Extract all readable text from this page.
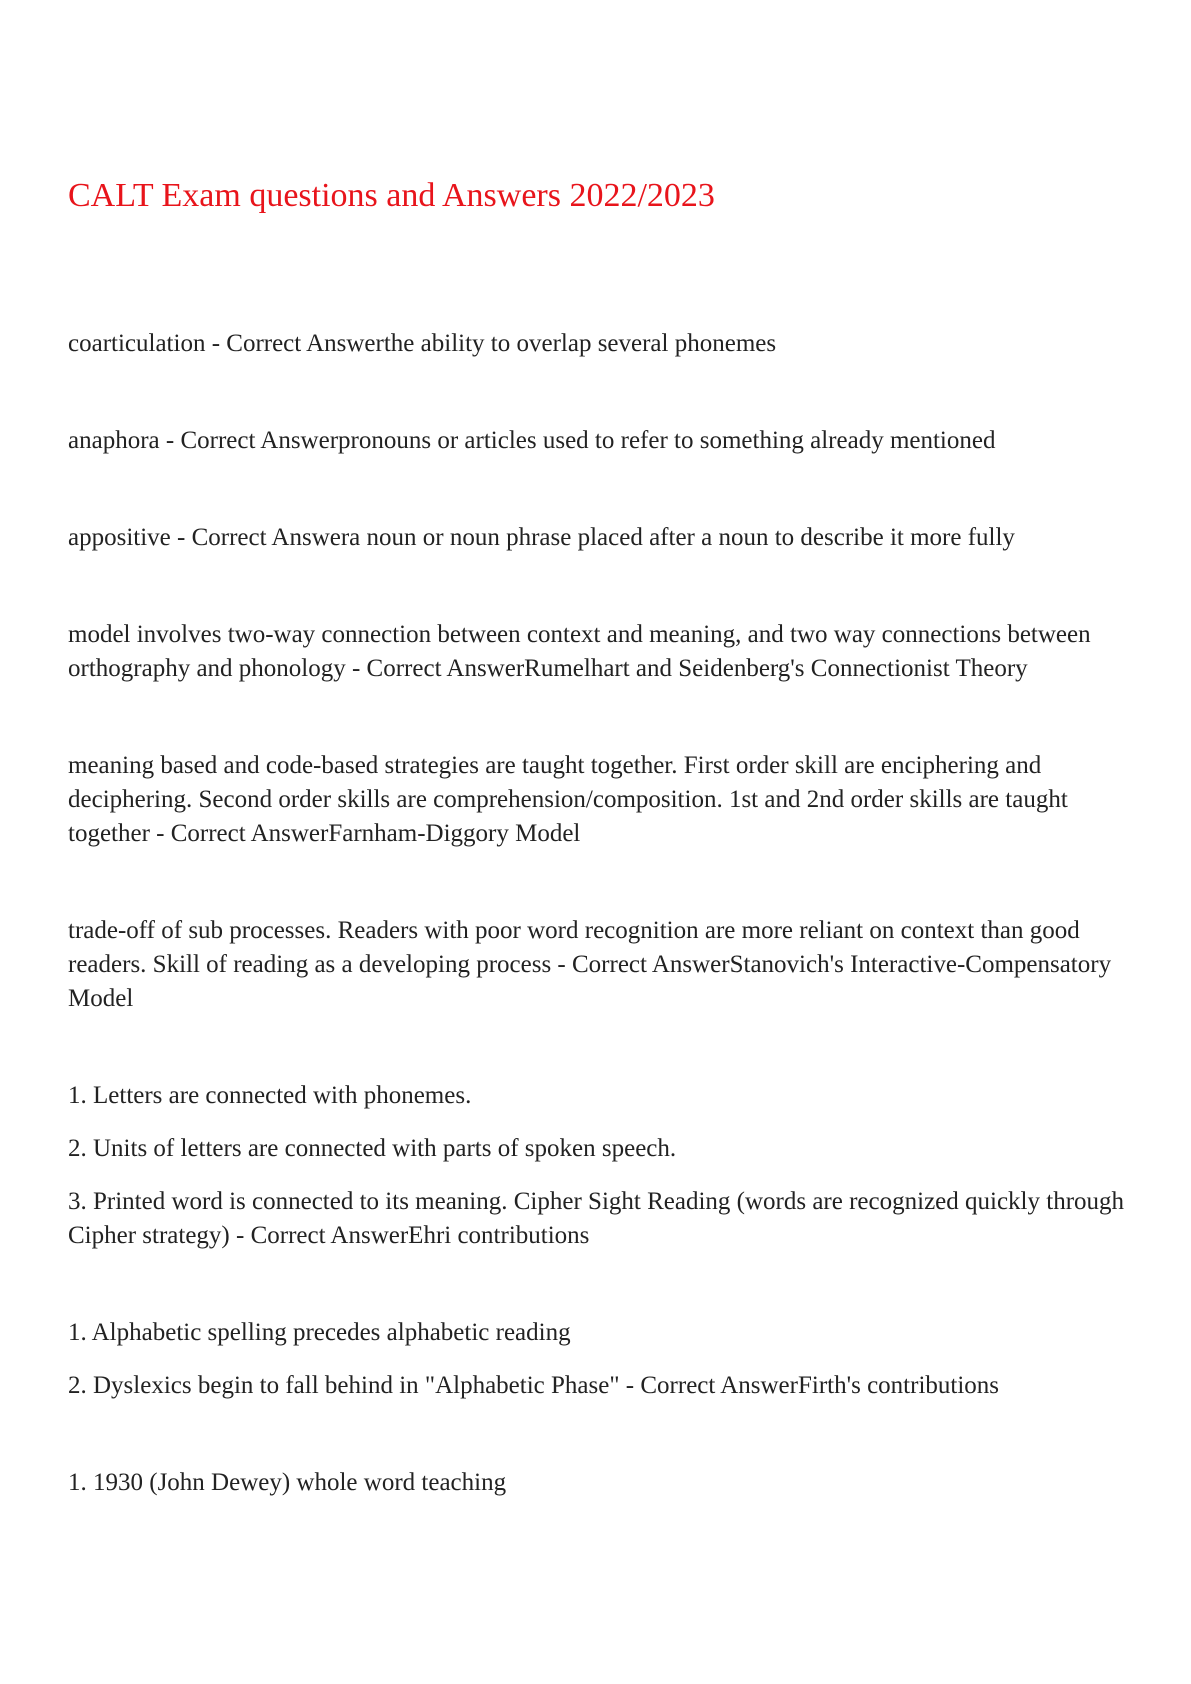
CALT Exam questions and Answers 2022/2023

coarticulation - Correct Answerthe ability to overlap several phonemes

anaphora - Correct Answerpronouns or articles used to refer to something already mentioned

appositive - Correct Answera noun or noun phrase placed after a noun to describe it more fully

model involves two-way connection between context and meaning, and two way connections between orthography and phonology - Correct AnswerRumelhart and Seidenberg's Connectionist Theory

meaning based and code-based strategies are taught together. First order skill are enciphering and deciphering. Second order skills are comprehension/composition. 1st and 2nd order skills are taught together - Correct AnswerFarnham-Diggory Model

trade-off of sub processes. Readers with poor word recognition are more reliant on context than good readers. Skill of reading as a developing process - Correct AnswerStanovich's Interactive-Compensatory Model

1. Letters are connected with phonemes.
2. Units of letters are connected with parts of spoken speech.
3. Printed word is connected to its meaning. Cipher Sight Reading (words are recognized quickly through Cipher strategy) - Correct AnswerEhri contributions
1. Alphabetic spelling precedes alphabetic reading
2. Dyslexics begin to fall behind in "Alphabetic Phase" - Correct AnswerFirth's contributions
1. 1930 (John Dewey) whole word teaching
